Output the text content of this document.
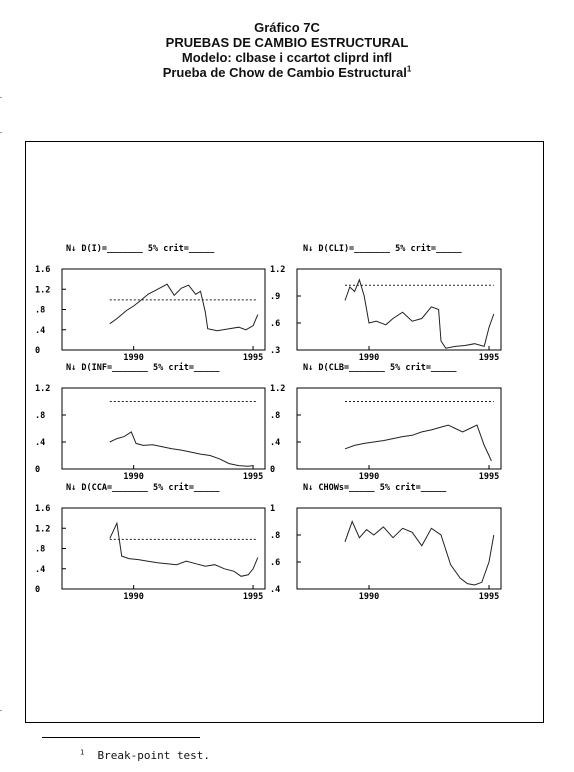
Gráfico 7C
PRUEBAS DE CAMBIO ESTRUCTURAL
Modelo: clbase i ccartot cliprd infl
Prueba de Chow de Cambio Estructural$^1$
N↓ D(I)=_______ 5% crit=_____
0
.4
.8
1.2
1.6
1990	1995
N↓ D(CLI)=_______ 5% crit=_____
.3
.6
.9
1.2
1990	1995
N↓ D(INF=_______ 5% crit=_____
0
.4
.8
1.2
1990	1995
N↓ D(CLB=_______ 5% crit=_____
0
.4
.8
1.2
1990	1995
N↓ D(CCA=_______ 5% crit=_____
0
.4
.8
1.2
1.6
1990	1995
N↓ CHOWs=_____ 5% crit=_____
.4
.6
.8
1
1990	1995
$^1$ Break-point test.
